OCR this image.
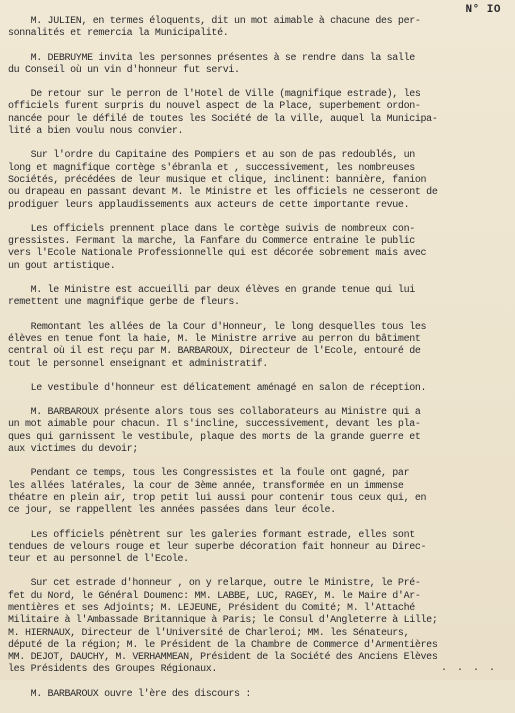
N° IO

M. JULIEN, en termes éloquents, dit un mot aimable à chacune des per-
sonnalités et remercia la Municipalité.

M. DEBRUYME invita les personnes présentes à se rendre dans la salle
du Conseil où un vin d'honneur fut servi.

De retour sur le perron de l'Hotel de Ville (magnifique estrade), les
officiels furent surpris du nouvel aspect de la Place, superbement ordon-
nancée pour le défilé de toutes les Société de la ville, auquel la Municipa-
lité a bien voulu nous convier.

Sur l'ordre du Capitaine des Pompiers et au son de pas redoublés, un
long et magnifique cortège s'ébranla et , successivement, les nombreuses
Sociétés, précédées de leur musique et clique, inclinent: bannière, fanion
ou drapeau en passant devant M. le Ministre et les officiels ne cesseront de
prodiguer leurs applaudissements aux acteurs de cette importante revue.

Les officiels prennent place dans le cortège suivis de nombreux con-
gressistes. Fermant la marche, la Fanfare du Commerce entraine le public
vers l'Ecole Nationale Professionnelle qui est décorée sobrement mais avec
un gout artistique.

M. le Ministre est accueilli par deux élèves en grande tenue qui lui
remettent une magnifique gerbe de fleurs.

Remontant les allées de la Cour d'Honneur, le long desquelles tous les
élèves en tenue font la haie, M. le Ministre arrive au perron du bâtiment
central où il est reçu par M. BARBAROUX, Directeur de l'Ecole, entouré de
tout le personnel enseignant et administratif.

Le vestibule d'honneur est délicatement aménagé en salon de réception.

M. BARBAROUX présente alors tous ses collaborateurs au Ministre qui a
un mot aimable pour chacun. Il s'incline, successivement, devant les pla-
ques qui garnissent le vestibule, plaque des morts de la grande guerre et
aux victimes du devoir;

Pendant ce temps, tous les Congressistes et la foule ont gagné, par
les allées latérales, la cour de 3ème année, transformée en un immense
théatre en plein air, trop petit lui aussi pour contenir tous ceux qui, en
ce jour, se rappellent les années passées dans leur école.

Les officiels pénètrent sur les galeries formant estrade, elles sont
tendues de velours rouge et leur superbe décoration fait honneur au Direc-
teur et au personnel de l'Ecole.

Sur cet estrade d'honneur , on y relarque, outre le Ministre, le Pré-
fet du Nord, le Général Doumenc: MM. LABBE, LUC, RAGEY, M. le Maire d'Ar-
mentières et ses Adjoints; M. LEJEUNE, Président du Comité; M. l'Attaché
Militaire à l'Ambassade Britannique à Paris; le Consul d'Angleterre à Lille;
M. HIERNAUX, Directeur de l'Université de Charleroi; MM. les Sénateurs,
député de la région; M. le Président de la Chambre de Commerce d'Armentières
MM. DEJOT, DAUCHY, M. VERHAMMEAN, Président de la Société des Anciens Elèves
les Présidents des Groupes Régionaux.

M. BARBAROUX ouvre l'ère des discours :

· · · ·
